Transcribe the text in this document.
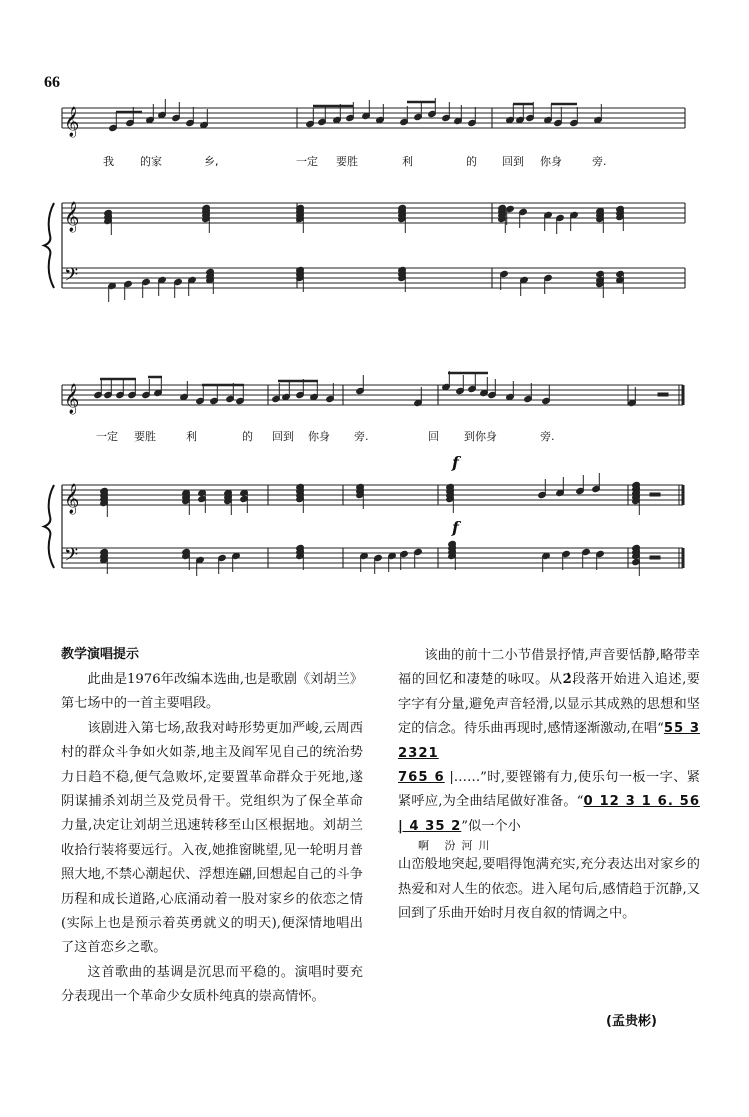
66
𝄞
𝄞
𝄢
𝄞
𝄞
𝄢
f
f
我 的家	乡,	一定 要胜	利	的 回到 你身	旁.
一定 要胜	利	的 回到 你身 旁.	回 到你身	旁.
教学演唱提示

此曲是1976年改编本选曲,也是歌剧《刘胡兰》第七场中的一首主要唱段。

该剧进入第七场,敌我对峙形势更加严峻,云周西村的群众斗争如火如荼,地主及阎军见自己的统治势力日趋不稳,便气急败坏,定要置革命群众于死地,遂阴谋捕杀刘胡兰及党员骨干。党组织为了保全革命力量,决定让刘胡兰迅速转移至山区根据地。刘胡兰收拾行装将要远行。入夜,她推窗眺望,见一轮明月普照大地,不禁心潮起伏、浮想连翩,回想起自己的斗争历程和成长道路,心底涌动着一股对家乡的依恋之情(实际上也是预示着英勇就义的明天),便深情地唱出了这首恋乡之歌。

这首歌曲的基调是沉思而平稳的。演唱时要充分表现出一个革命少女质朴纯真的崇高情怀。

该曲的前十二小节借景抒情,声音要恬静,略带幸福的回忆和凄楚的咏叹。从2̇段落开始进入追述,要字字有分量,避免声音轻滑,以显示其成熟的思想和坚定的信念。待乐曲再现时,感情逐渐激动,在唱“55 3 2321

765 6 |……”时,要铿锵有力,使乐句一板一字、紧紧呼应,为全曲结尾做好准备。“0 12 3 1 6. 56 | 4 35 2”似一个小
啊 汾河川

山峦般地突起,要唱得饱满充实,充分表达出对家乡的热爱和对人生的依恋。进入尾句后,感情趋于沉静,又回到了乐曲开始时月夜自叙的情调之中。

(孟贵彬)
